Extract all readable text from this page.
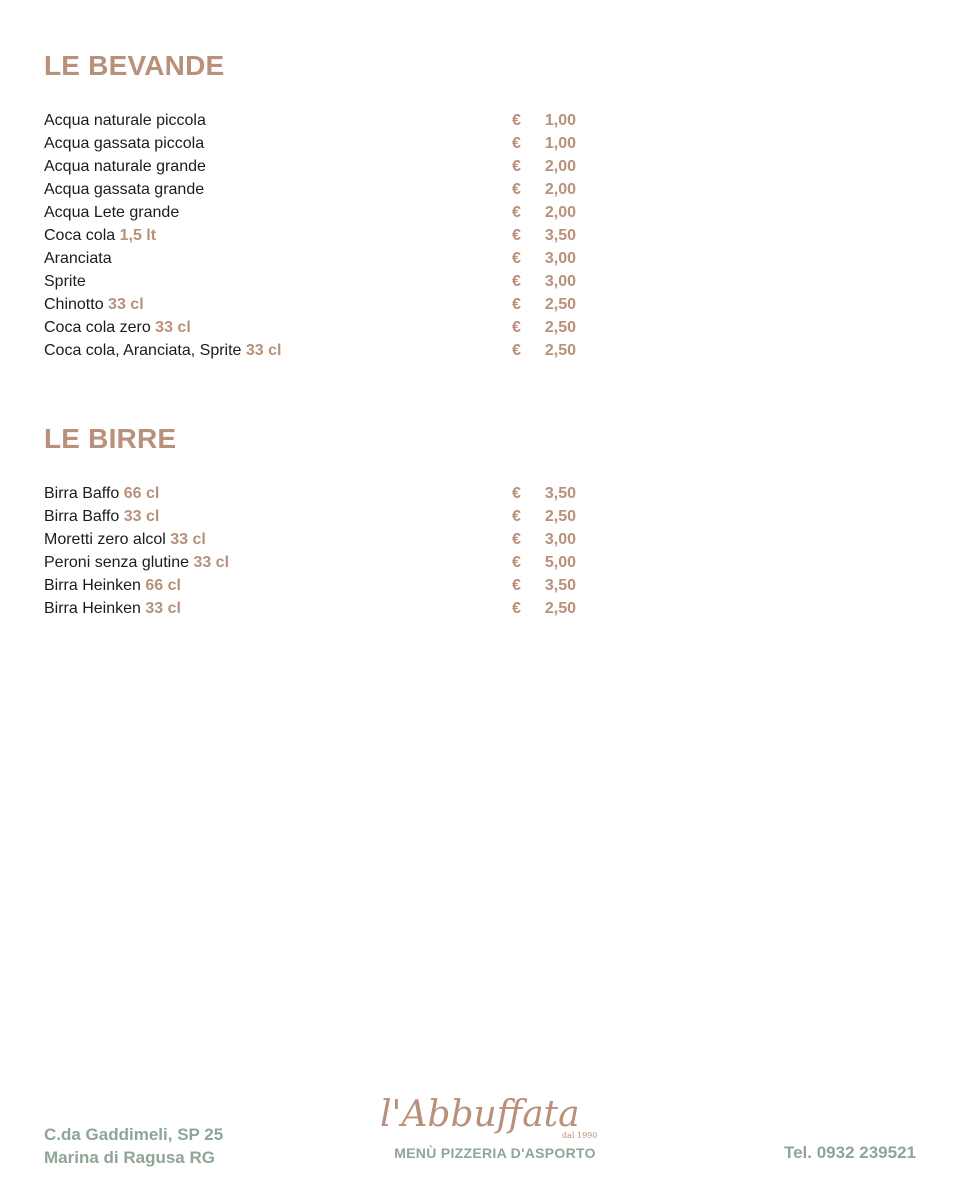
LE BEVANDE
Acqua naturale piccola	€ 1,00
Acqua gassata piccola	€ 1,00
Acqua naturale grande	€ 2,00
Acqua gassata grande	€ 2,00
Acqua Lete grande	€ 2,00
Coca cola 1,5 lt	€ 3,50
Aranciata	€ 3,00
Sprite	€ 3,00
Chinotto 33 cl	€ 2,50
Coca cola zero 33 cl	€ 2,50
Coca cola, Aranciata, Sprite 33 cl	€ 2,50
LE BIRRE
Birra Baffo 66 cl	€ 3,50
Birra Baffo 33 cl	€ 2,50
Moretti zero alcol 33 cl	€ 3,00
Peroni senza glutine 33 cl	€ 5,00
Birra Heinken 66 cl	€ 3,50
Birra Heinken 33 cl	€ 2,50
C.da Gaddimeli, SP 25
Marina di Ragusa RG
l'Abbuffata
dal 1990
MENÙ PIZZERIA D'ASPORTO	Tel. 0932 239521
